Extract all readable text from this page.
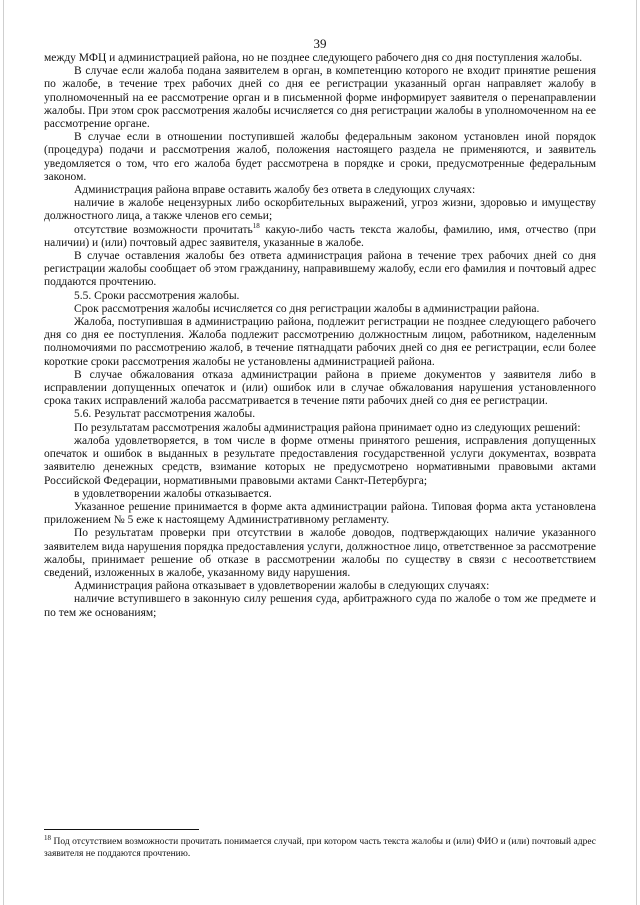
39

между МФЦ и администрацией района, но не позднее следующего рабочего дня со дня поступления жалобы.

В случае если жалоба подана заявителем в орган, в компетенцию которого не входит принятие решения по жалобе, в течение трех рабочих дней со дня ее регистрации указанный орган направляет жалобу в уполномоченный на ее рассмотрение орган и в письменной форме информирует заявителя о перенаправлении жалобы. При этом срок рассмотрения жалобы исчисляется со дня регистрации жалобы в уполномоченном на ее рассмотрение органе.

В случае если в отношении поступившей жалобы федеральным законом установлен иной порядок (процедура) подачи и рассмотрения жалоб, положения настоящего раздела не применяются, и заявитель уведомляется о том, что его жалоба будет рассмотрена в порядке и сроки, предусмотренные федеральным законом.

Администрация района вправе оставить жалобу без ответа в следующих случаях:

наличие в жалобе нецензурных либо оскорбительных выражений, угроз жизни, здоровью и имуществу должностного лица, а также членов его семьи;

отсутствие возможности прочитать$^{18}$ какую-либо часть текста жалобы, фамилию, имя, отчество (при наличии) и (или) почтовый адрес заявителя, указанные в жалобе.

В случае оставления жалобы без ответа администрация района в течение трех рабочих дней со дня регистрации жалобы сообщает об этом гражданину, направившему жалобу, если его фамилия и почтовый адрес поддаются прочтению.

5.5. Сроки рассмотрения жалобы.

Срок рассмотрения жалобы исчисляется со дня регистрации жалобы в администрации района.

Жалоба, поступившая в администрацию района, подлежит регистрации не позднее следующего рабочего дня со дня ее поступления. Жалоба подлежит рассмотрению должностным лицом, работником, наделенным полномочиями по рассмотрению жалоб, в течение пятнадцати рабочих дней со дня ее регистрации, если более короткие сроки рассмотрения жалобы не установлены администрацией района.

В случае обжалования отказа администрации района в приеме документов у заявителя либо в исправлении допущенных опечаток и (или) ошибок или в случае обжалования нарушения установленного срока таких исправлений жалоба рассматривается в течение пяти рабочих дней со дня ее регистрации.

5.6. Результат рассмотрения жалобы.

По результатам рассмотрения жалобы администрация района принимает одно из следующих решений:

жалоба удовлетворяется, в том числе в форме отмены принятого решения, исправления допущенных опечаток и ошибок в выданных в результате предоставления государственной услуги документах, возврата заявителю денежных средств, взимание которых не предусмотрено нормативными правовыми актами Российской Федерации, нормативными правовыми актами Санкт-Петербурга;

в удовлетворении жалобы отказывается.

Указанное решение принимается в форме акта администрации района. Типовая форма акта установлена приложением № 5 еже к настоящему Административному регламенту.

По результатам проверки при отсутствии в жалобе доводов, подтверждающих наличие указанного заявителем вида нарушения порядка предоставления услуги, должностное лицо, ответственное за рассмотрение жалобы, принимает решение об отказе в рассмотрении жалобы по существу в связи с несоответствием сведений, изложенных в жалобе, указанному виду нарушения.

Администрация района отказывает в удовлетворении жалобы в следующих случаях:

наличие вступившего в законную силу решения суда, арбитражного суда по жалобе о том же предмете и по тем же основаниям;

$^{18}$ Под отсутствием возможности прочитать понимается случай, при котором часть текста жалобы и (или) ФИО и (или) почтовый адрес заявителя не поддаются прочтению.
